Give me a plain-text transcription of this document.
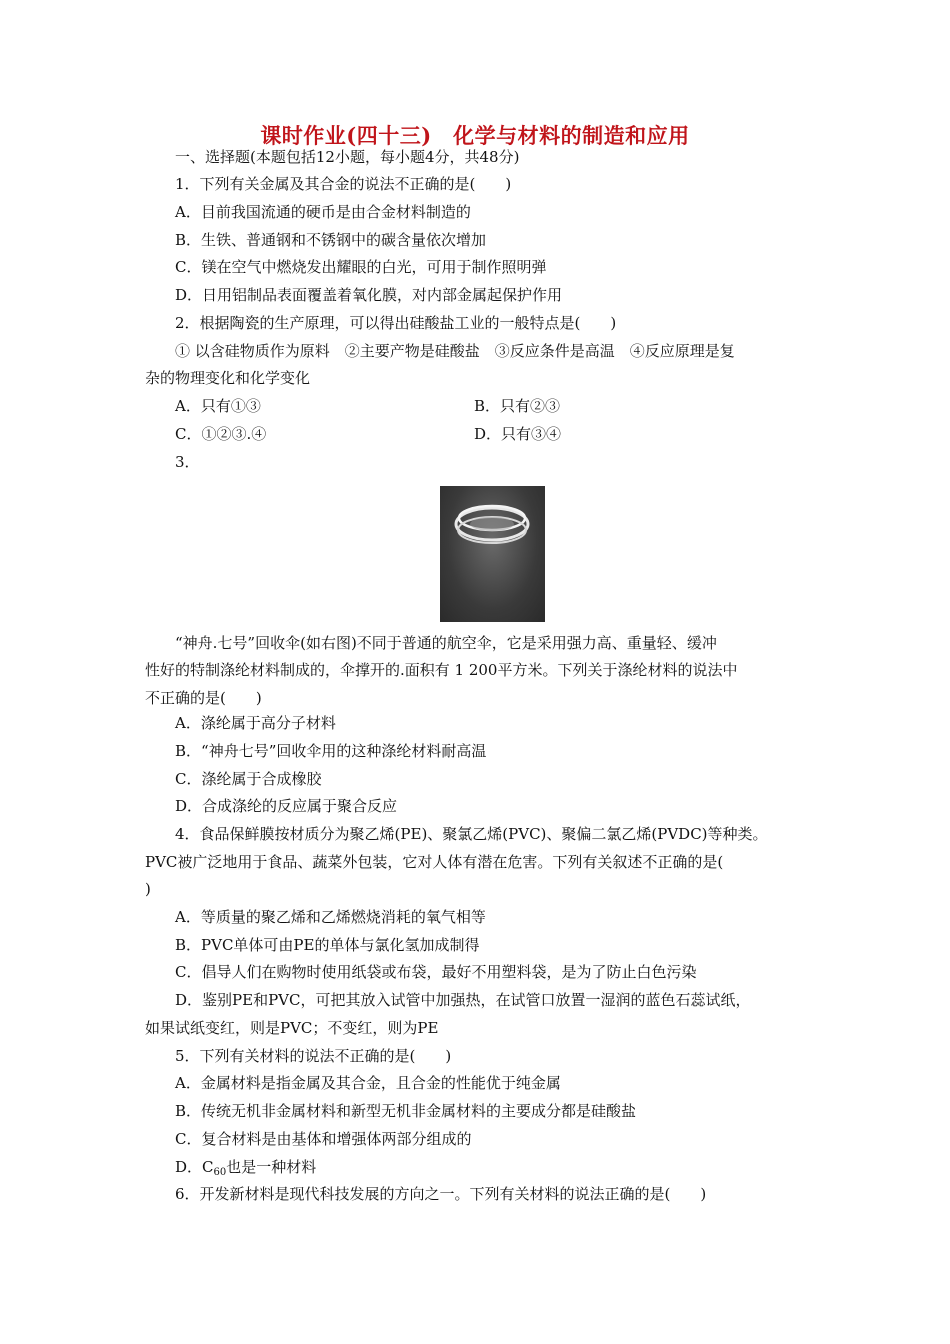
课时作业(四十三)　化学与材料的制造和应用
一、选择题(本题包括12小题，每小题4分，共48分)
1．下列有关金属及其合金的说法不正确的是(　　)
A．目前我国流通的硬币是由合金材料制造的
B．生铁、普通钢和不锈钢中的碳含量依次增加
C．镁在空气中燃烧发出耀眼的白光，可用于制作照明弹
D．日用铝制品表面覆盖着氧化膜，对内部金属起保护作用
2．根据陶瓷的生产原理，可以得出硅酸盐工业的一般特点是(　　)
① 以含硅物质作为原料　②主要产物是硅酸盐　③反应条件是高温　④反应原理是复
杂的物理变化和化学变化
A．只有①③	B．只有②③
C．①②③.④	D．只有③④
3．
“神舟.七号”回收伞(如右图)不同于普通的航空伞，它是采用强力高、重量轻、缓冲
性好的特制涤纶材料制成的，伞撑开的.面积有 1 200平方米。下列关于涤纶材料的说法中
不正确的是(　　)
A．涤纶属于高分子材料
B．“神舟七号”回收伞用的这种涤纶材料耐高温
C．涤纶属于合成橡胶
D．合成涤纶的反应属于聚合反应
4．食品保鲜膜按材质分为聚乙烯(PE)、聚氯乙烯(PVC)、聚偏二氯乙烯(PVDC)等种类。
PVC被广泛地用于食品、蔬菜外包装，它对人体有潜在危害。下列有关叙述不正确的是(
)
A．等质量的聚乙烯和乙烯燃烧消耗的氧气相等
B．PVC单体可由PE的单体与氯化氢加成制得
C．倡导人们在购物时使用纸袋或布袋，最好不用塑料袋，是为了防止白色污染
D．鉴别PE和PVC，可把其放入试管中加强热，在试管口放置一湿润的蓝色石蕊试纸，
如果试纸变红，则是PVC；不变红，则为PE
5．下列有关材料的说法不正确的是(　　)
A．金属材料是指金属及其合金，且合金的性能优于纯金属
B．传统无机非金属材料和新型无机非金属材料的主要成分都是硅酸盐
C．复合材料是由基体和增强体两部分组成的
D．$C_{60}$也是一种材料
6．开发新材料是现代科技发展的方向之一。下列有关材料的说法正确的是(　　)
